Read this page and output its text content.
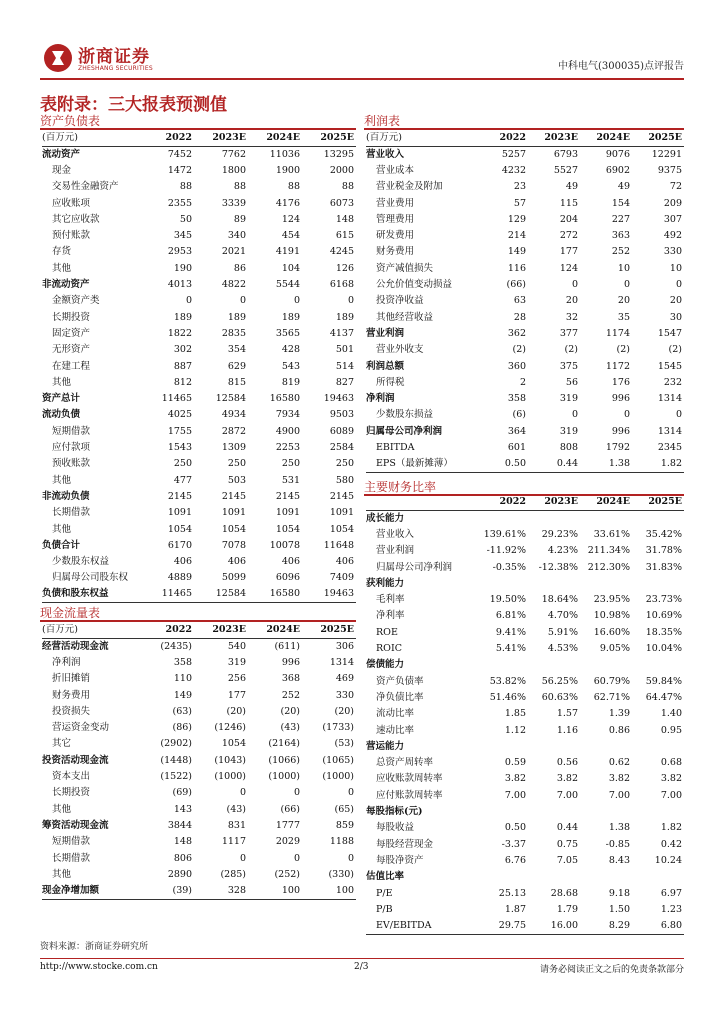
浙商证券
ZHESHANG SECURITIES	中科电气(300035)点评报告
表附录：三大报表预测值
资产负债表
(百万元)	2022	2023E	2024E	2025E
流动资产	7452	7762	11036	13295
现金	1472	1800	1900	2000
交易性金融资产	88	88	88	88
应收账项	2355	3339	4176	6073
其它应收款	50	89	124	148
预付账款	345	340	454	615
存货	2953	2021	4191	4245
其他	190	86	104	126
非流动资产	4013	4822	5544	6168
金额资产类	0	0	0	0
长期投资	189	189	189	189
固定资产	1822	2835	3565	4137
无形资产	302	354	428	501
在建工程	887	629	543	514
其他	812	815	819	827
资产总计	11465	12584	16580	19463
流动负债	4025	4934	7934	9503
短期借款	1755	2872	4900	6089
应付款项	1543	1309	2253	2584
预收账款	250	250	250	250
其他	477	503	531	580
非流动负债	2145	2145	2145	2145
长期借款	1091	1091	1091	1091
其他	1054	1054	1054	1054
负债合计	6170	7078	10078	11648
少数股东权益	406	406	406	406
归属母公司股东权	4889	5099	6096	7409
负债和股东权益	11465	12584	16580	19463
利润表
(百万元)	2022	2023E	2024E	2025E
营业收入	5257	6793	9076	12291
营业成本	4232	5527	6902	9375
营业税金及附加	23	49	49	72
营业费用	57	115	154	209
管理费用	129	204	227	307
研发费用	214	272	363	492
财务费用	149	177	252	330
资产减值损失	116	124	10	10
公允价值变动损益	(66)	0	0	0
投资净收益	63	20	20	20
其他经营收益	28	32	35	30
营业利润	362	377	1174	1547
营业外收支	(2)	(2)	(2)	(2)
利润总额	360	375	1172	1545
所得税	2	56	176	232
净利润	358	319	996	1314
少数股东损益	(6)	0	0	0
归属母公司净利润	364	319	996	1314
EBITDA	601	808	1792	2345
EPS（最新摊薄）	0.50	0.44	1.38	1.82
现金流量表
(百万元)	2022	2023E	2024E	2025E
经营活动现金流	(2435)	540	(611)	306
净利润	358	319	996	1314
折旧摊销	110	256	368	469
财务费用	149	177	252	330
投资损失	(63)	(20)	(20)	(20)
营运资金变动	(86)	(1246)	(43)	(1733)
其它	(2902)	1054	(2164)	(53)
投资活动现金流	(1448)	(1043)	(1066)	(1065)
资本支出	(1522)	(1000)	(1000)	(1000)
长期投资	(69)	0	0	0
其他	143	(43)	(66)	(65)
筹资活动现金流	3844	831	1777	859
短期借款	148	1117	2029	1188
长期借款	806	0	0	0
其他	2890	(285)	(252)	(330)
现金净增加额	(39)	328	100	100
主要财务比率
	2022	2023E	2024E	2025E
成长能力				
营业收入	139.61%	29.23%	33.61%	35.42%
营业利润	-11.92%	4.23%	211.34%	31.78%
归属母公司净利润	-0.35%	-12.38%	212.30%	31.83%
获利能力				
毛利率	19.50%	18.64%	23.95%	23.73%
净利率	6.81%	4.70%	10.98%	10.69%
ROE	9.41%	5.91%	16.60%	18.35%
ROIC	5.41%	4.53%	9.05%	10.04%
偿债能力				
资产负债率	53.82%	56.25%	60.79%	59.84%
净负债比率	51.46%	60.63%	62.71%	64.47%
流动比率	1.85	1.57	1.39	1.40
速动比率	1.12	1.16	0.86	0.95
营运能力				
总资产周转率	0.59	0.56	0.62	0.68
应收账款周转率	3.82	3.82	3.82	3.82
应付账款周转率	7.00	7.00	7.00	7.00
每股指标(元)				
每股收益	0.50	0.44	1.38	1.82
每股经营现金	-3.37	0.75	-0.85	0.42
每股净资产	6.76	7.05	8.43	10.24
估值比率				
P/E	25.13	28.68	9.18	6.97
P/B	1.87	1.79	1.50	1.23
EV/EBITDA	29.75	16.00	8.29	6.80
资料来源：浙商证券研究所
http://www.stocke.com.cn	2/3	请务必阅读正文之后的免责条款部分
